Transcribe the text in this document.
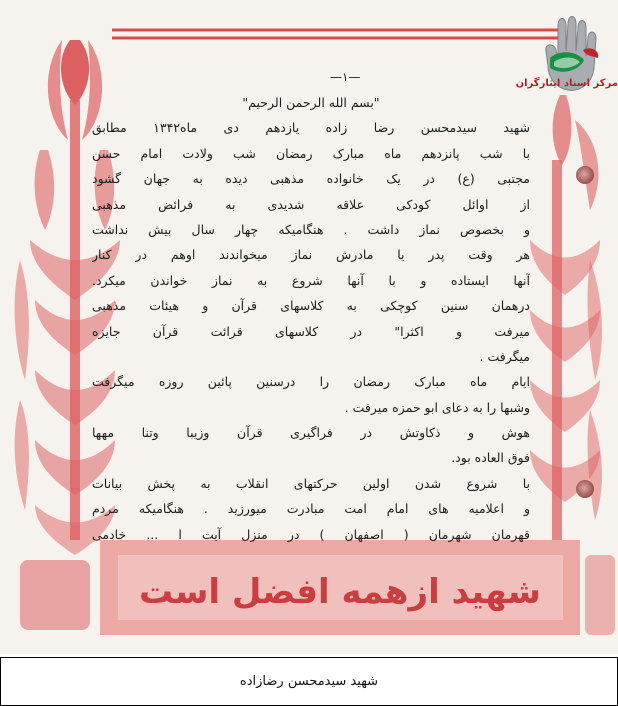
شهید ازهمه افضل است
مرکز اسناد ایثارگران
—۱—
"بسم الله الرحمن الرحیم"
شهید سیدمحسن رضا زاده یازدهم دی ماه۱۳۴۲ مطابق
با شب پانزدهم ماه مبارک رمضان شب ولادت امام حسن
مجتبی (ع) در یک خانواده مذهبی دیده به جهان گشود
از اوائل کودکی علاقه شدیدی به فرائض مذهبی
و بخصوص نماز داشت . هنگامیکه چهار سال بیش نداشت
هر وقت پدر یا مادرش نماز میخواندند اوهم در کنار
آنها ایستاده و با آنها شروع به نماز خواندن میکرد.
درهمان سنین کوچکی به کلاسهای قرآن و هیئات مذهبی
میرفت و اکثرا" در کلاسهای قرائت قرآن جایزه
میگرفت .
ایام ماه مبارک رمضان را درسنین پائین روزه میگرفت
وشبها را به دعای ابو حمزه میرفت .
هوش و ذکاوتش در فراگیری قرآن وزیبا وتنا مهها
فوق العاده بود.
با شروع شدن اولین حرکتهای انقلاب به پخش بیانات
و اعلامیه های امام امت مبادرت میورزید . هنگامیکه مردم
قهرمان شهرمان ( اصفهان ) در منزل آیت ا ... خادمی
شهید سیدمحسن رضازاده
